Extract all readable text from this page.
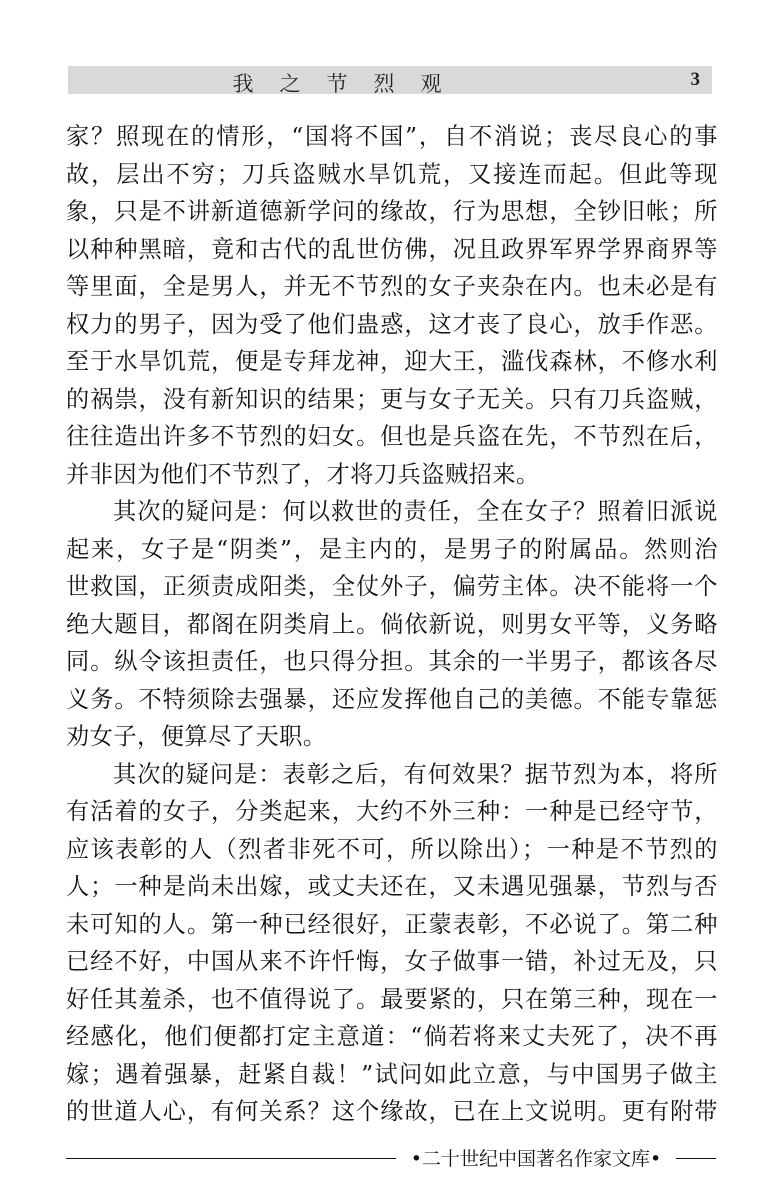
我之节烈观	3

家？照现在的情形，“国将不国”，自不消说；丧尽良心的事

故，层出不穷；刀兵盗贼水旱饥荒，又接连而起。但此等现

象，只是不讲新道德新学问的缘故，行为思想，全钞旧帐；所

以种种黑暗，竟和古代的乱世仿佛，况且政界军界学界商界等

等里面，全是男人，并无不节烈的女子夹杂在内。也未必是有

权力的男子，因为受了他们蛊惑，这才丧了良心，放手作恶。

至于水旱饥荒，便是专拜龙神，迎大王，滥伐森林，不修水利

的祸祟，没有新知识的结果；更与女子无关。只有刀兵盗贼，

往往造出许多不节烈的妇女。但也是兵盗在先，不节烈在后，

并非因为他们不节烈了，才将刀兵盗贼招来。

其次的疑问是：何以救世的责任，全在女子？照着旧派说

起来，女子是“阴类”，是主内的，是男子的附属品。然则治

世救国，正须责成阳类，全仗外子，偏劳主体。决不能将一个

绝大题目，都阁在阴类肩上。倘依新说，则男女平等，义务略

同。纵令该担责任，也只得分担。其余的一半男子，都该各尽

义务。不特须除去强暴，还应发挥他自己的美德。不能专靠惩

劝女子，便算尽了天职。

其次的疑问是：表彰之后，有何效果？据节烈为本，将所

有活着的女子，分类起来，大约不外三种：一种是已经守节，

应该表彰的人（烈者非死不可，所以除出）；一种是不节烈的

人；一种是尚未出嫁，或丈夫还在，又未遇见强暴，节烈与否

未可知的人。第一种已经很好，正蒙表彰，不必说了。第二种

已经不好，中国从来不许忏悔，女子做事一错，补过无及，只

好任其羞杀，也不值得说了。最要紧的，只在第三种，现在一

经感化，他们便都打定主意道：“倘若将来丈夫死了，决不再

嫁；遇着强暴，赶紧自裁！”试问如此立意，与中国男子做主

的世道人心，有何关系？这个缘故，已在上文说明。更有附带

•二十世纪中国著名作家文库•
